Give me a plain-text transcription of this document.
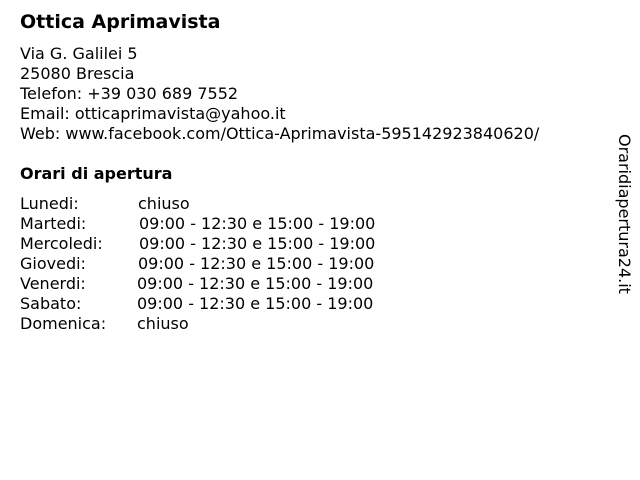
Ottica Aprimavista
Via G. Galilei 5
25080 Brescia
Telefon: +39 030 689 7552
Email: otticaprimavista@yahoo.it
Web: www.facebook.com/Ottica-Aprimavista-595142923840620/
Orari di apertura
Lunedi:	chiuso
Martedi:	09:00 - 12:30 e 15:00 - 19:00
Mercoledi: 09:00 - 12:30 e 15:00 - 19:00
Giovedi:	09:00 - 12:30 e 15:00 - 19:00
Venerdi:	09:00 - 12:30 e 15:00 - 19:00
Sabato:	09:00 - 12:30 e 15:00 - 19:00
Domenica: chiuso
Oraridiapertura24.it
